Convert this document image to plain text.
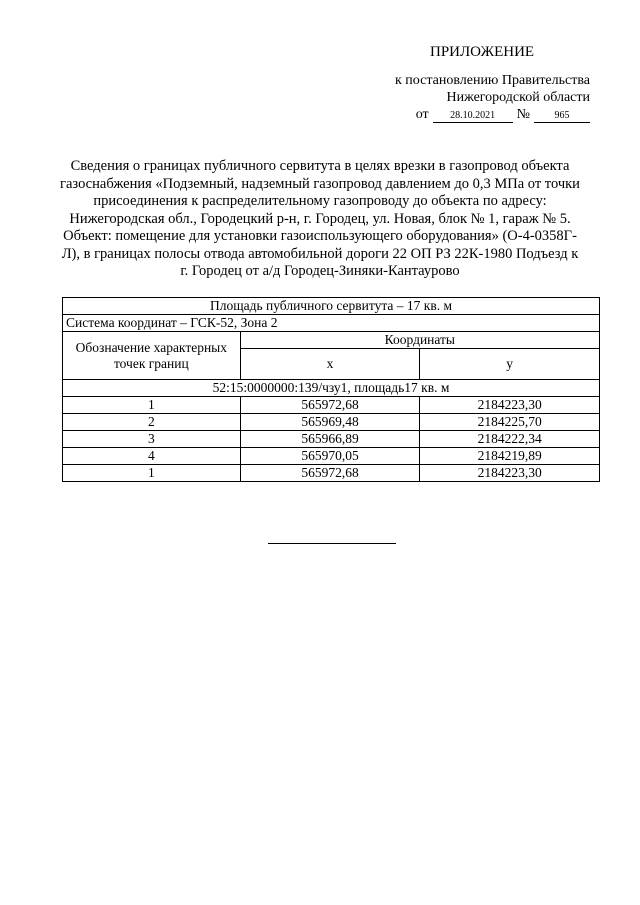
ПРИЛОЖЕНИЕ
к постановлению Правительства
Нижегородской области
от	28.10.2021	№	965
Сведения о границах публичного сервитута в целях врезки в газопровод объекта газоснабжения «Подземный, надземный газопровод давлением до 0,3 МПа от точки присоединения к распределительному газопроводу до объекта по адресу: Нижегородская обл., Городецкий р-н, г. Городец, ул. Новая, блок № 1, гараж № 5. Объект: помещение для установки газоиспользующего оборудования» (О-4-0358Г-Л), в границах полосы отвода автомобильной дороги 22 ОП РЗ 22К-1980 Подъезд к г. Городец от а/д Городец-Зиняки-Кантаурово
Площадь публичного сервитута – 17 кв. м		
Система координат – ГСК-52, Зона 2		
Обозначение характерных точек границ	Координаты	
	x	y
52:15:0000000:139/чзу1, площадь17 кв. м		
1	565972,68	2184223,30
2	565969,48	2184225,70
3	565966,89	2184222,34
4	565970,05	2184219,89
1	565972,68	2184223,30
